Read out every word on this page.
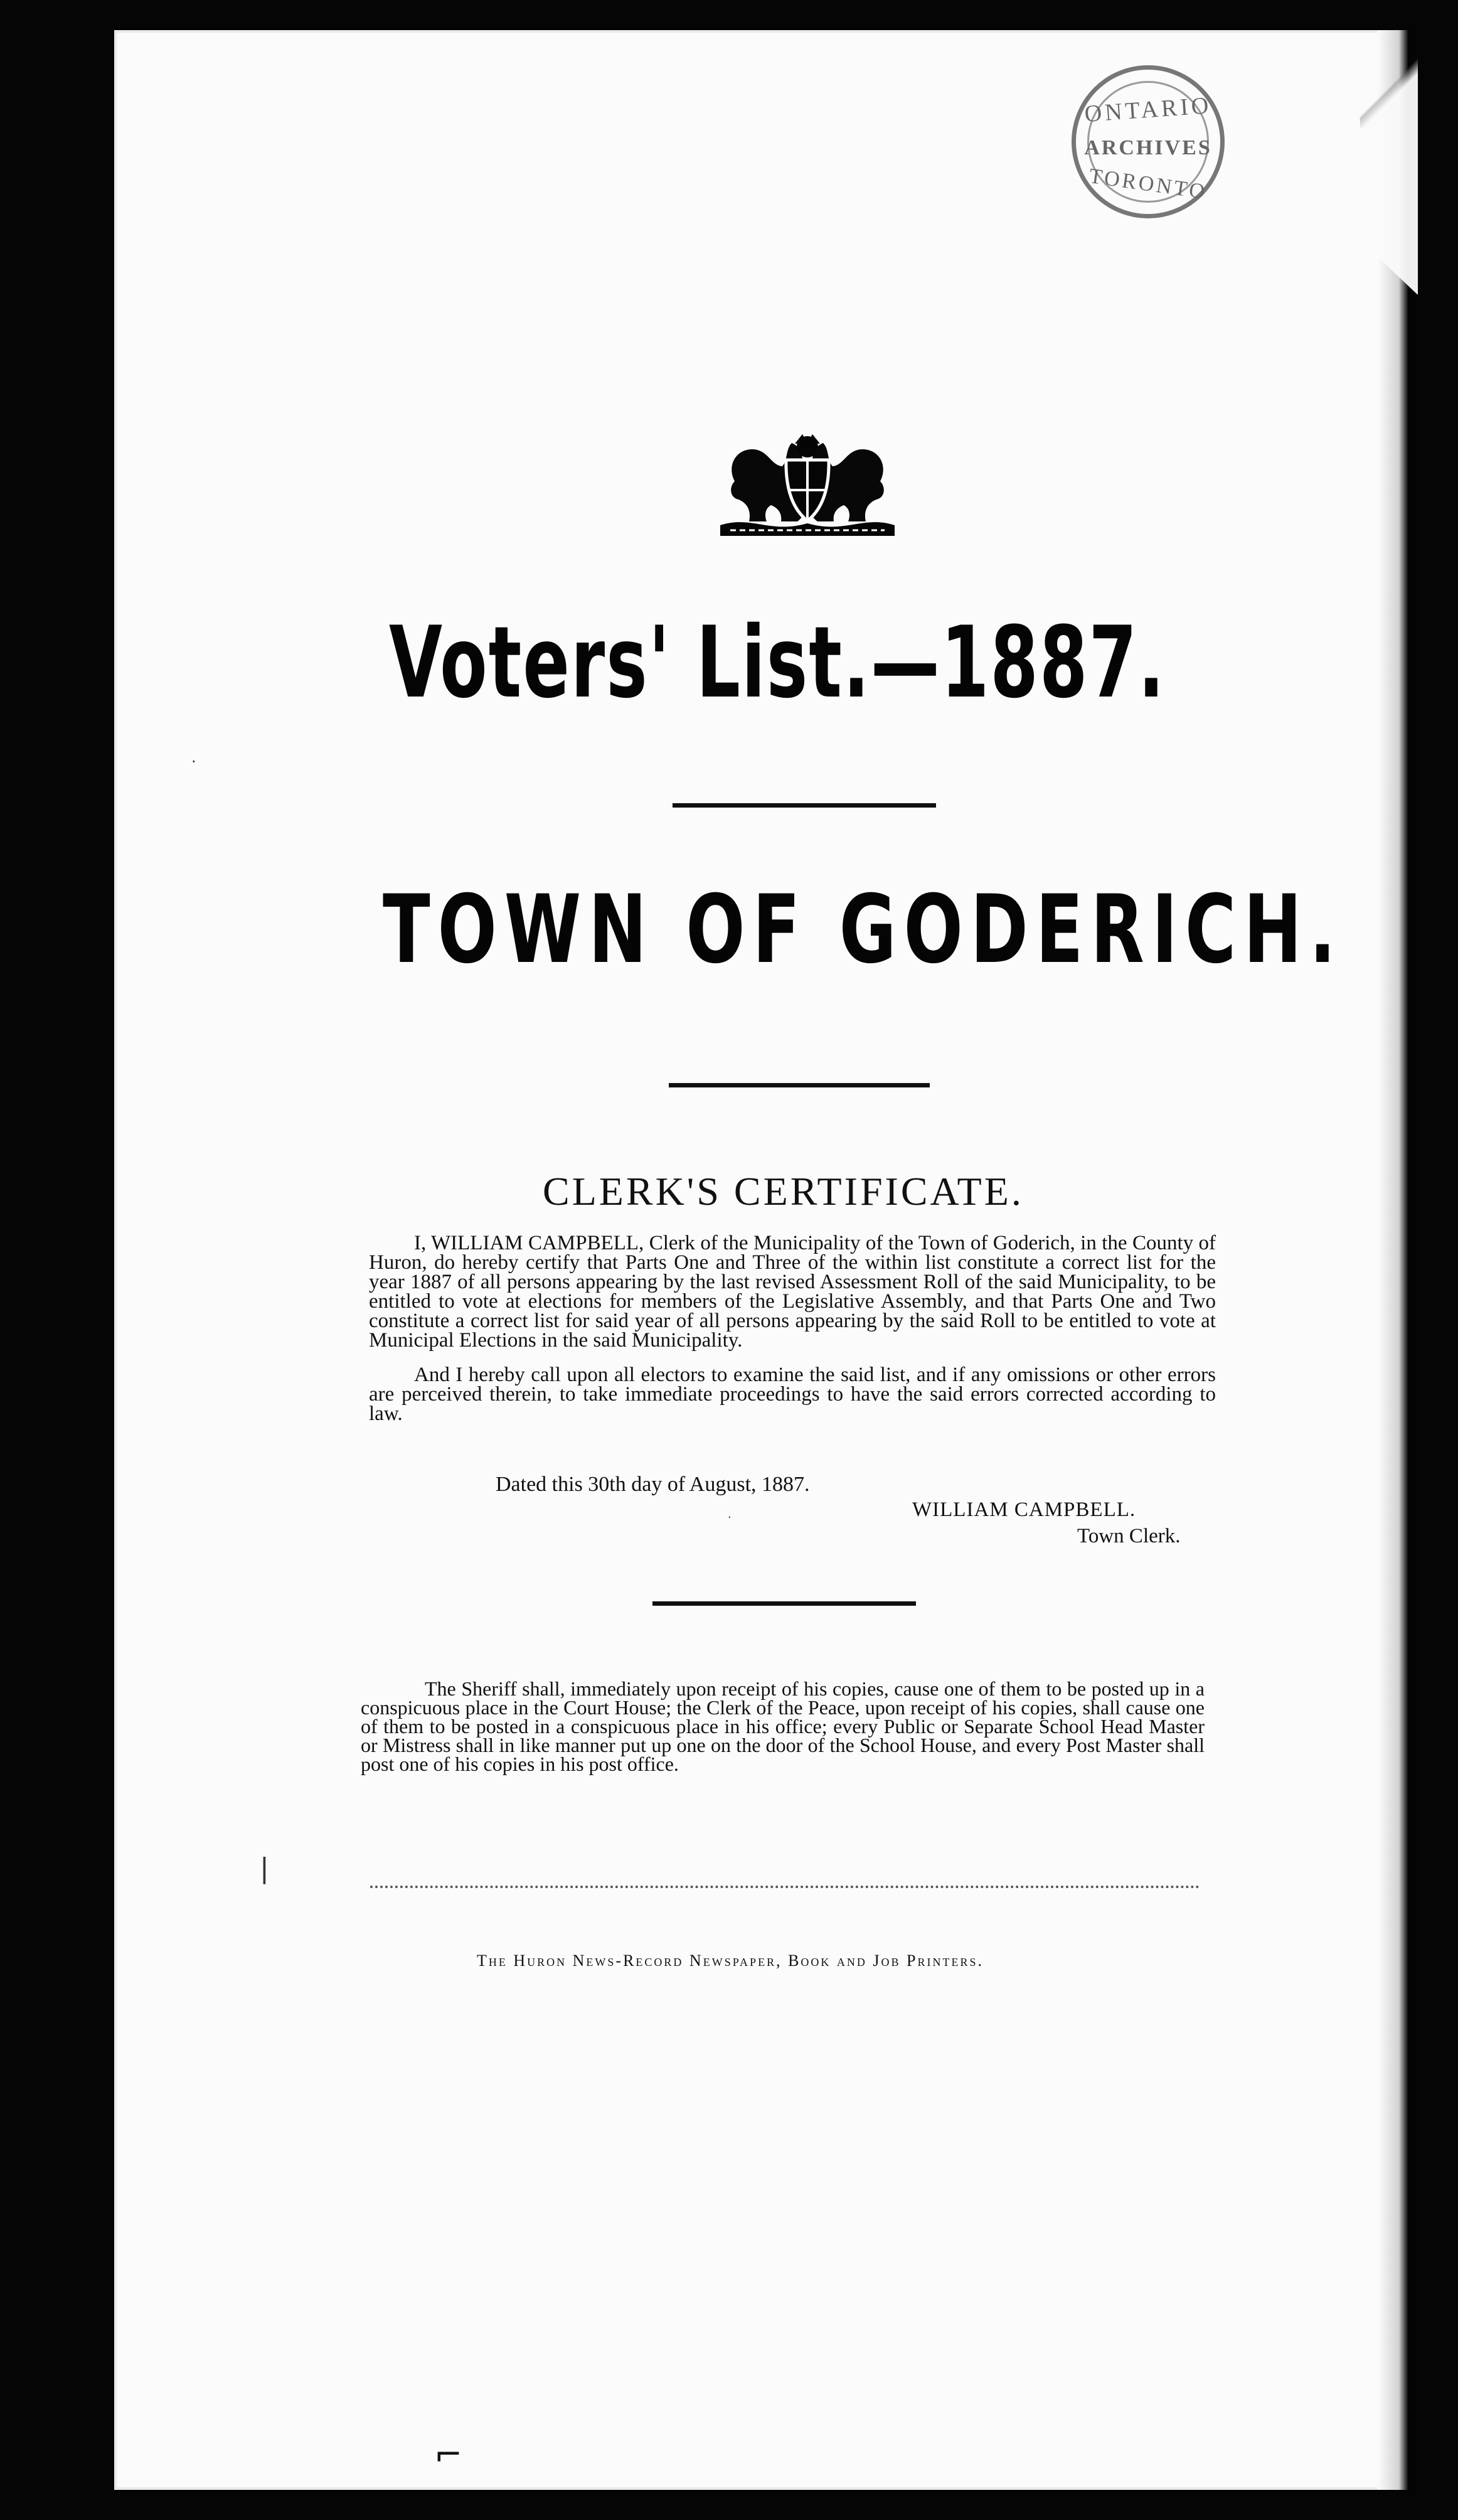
ONTARIO
ARCHIVES
TORONTO
Voters' List.—1887.
TOWN OF GODERICH.
CLERK'S CERTIFICATE.

I, WILLIAM CAMPBELL, Clerk of the Municipality of the Town of Goderich, in the County of Huron, do hereby certify that Parts One and Three of the within list constitute a correct list for the year 1887 of all persons appearing by the last revised Assessment Roll of the said Municipality, to be entitled to vote at elections for members of the Legislative Assembly, and that Parts One and Two constitute a correct list for said year of all persons appearing by the said Roll to be entitled to vote at Municipal Elections in the said Municipality.

And I hereby call upon all electors to examine the said list, and if any omissions or other errors are perceived therein, to take immediate proceedings to have the said errors corrected according to law.

Dated this 30th day of August, 1887.
WILLIAM CAMPBELL.
Town Clerk.

The Sheriff shall, immediately upon receipt of his copies, cause one of them to be posted up in a conspicuous place in the Court House; the Clerk of the Peace, upon receipt of his copies, shall cause one of them to be posted in a conspicuous place in his office; every Public or Separate School Head Master or Mistress shall in like manner put up one on the door of the School House, and every Post Master shall post one of his copies in his post office.

The Huron News-Record Newspaper, Book and Job Printers.
·
·
|
⌐
